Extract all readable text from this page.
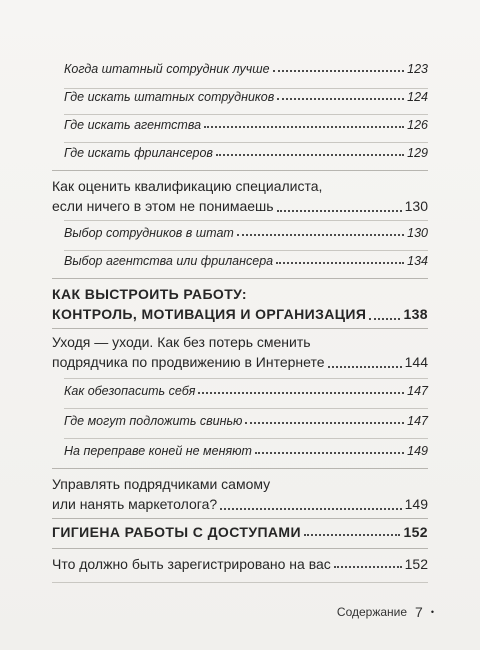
Когда штатный сотрудник лучше	123
Где искать штатных сотрудников	124
Где искать агентства	126
Где искать фрилансеров	129
Как оценить квалификацию специалиста,
если ничего в этом не понимаешь	130
Выбор сотрудников в штат	130
Выбор агентства или фрилансера	134
КАК ВЫСТРОИТЬ РАБОТУ:
КОНТРОЛЬ, МОТИВАЦИЯ И ОРГАНИЗАЦИЯ	138
Уходя — уходи. Как без потерь сменить
подрядчика по продвижению в Интернете	144
Как обезопасить себя	147
Где могут подложить свинью	147
На переправе коней не меняют	149
Управлять подрядчиками самому
или нанять маркетолога?	149
ГИГИЕНА РАБОТЫ С ДОСТУПАМИ	152
Что должно быть зарегистрировано на вас	152
Содержание 7 •
